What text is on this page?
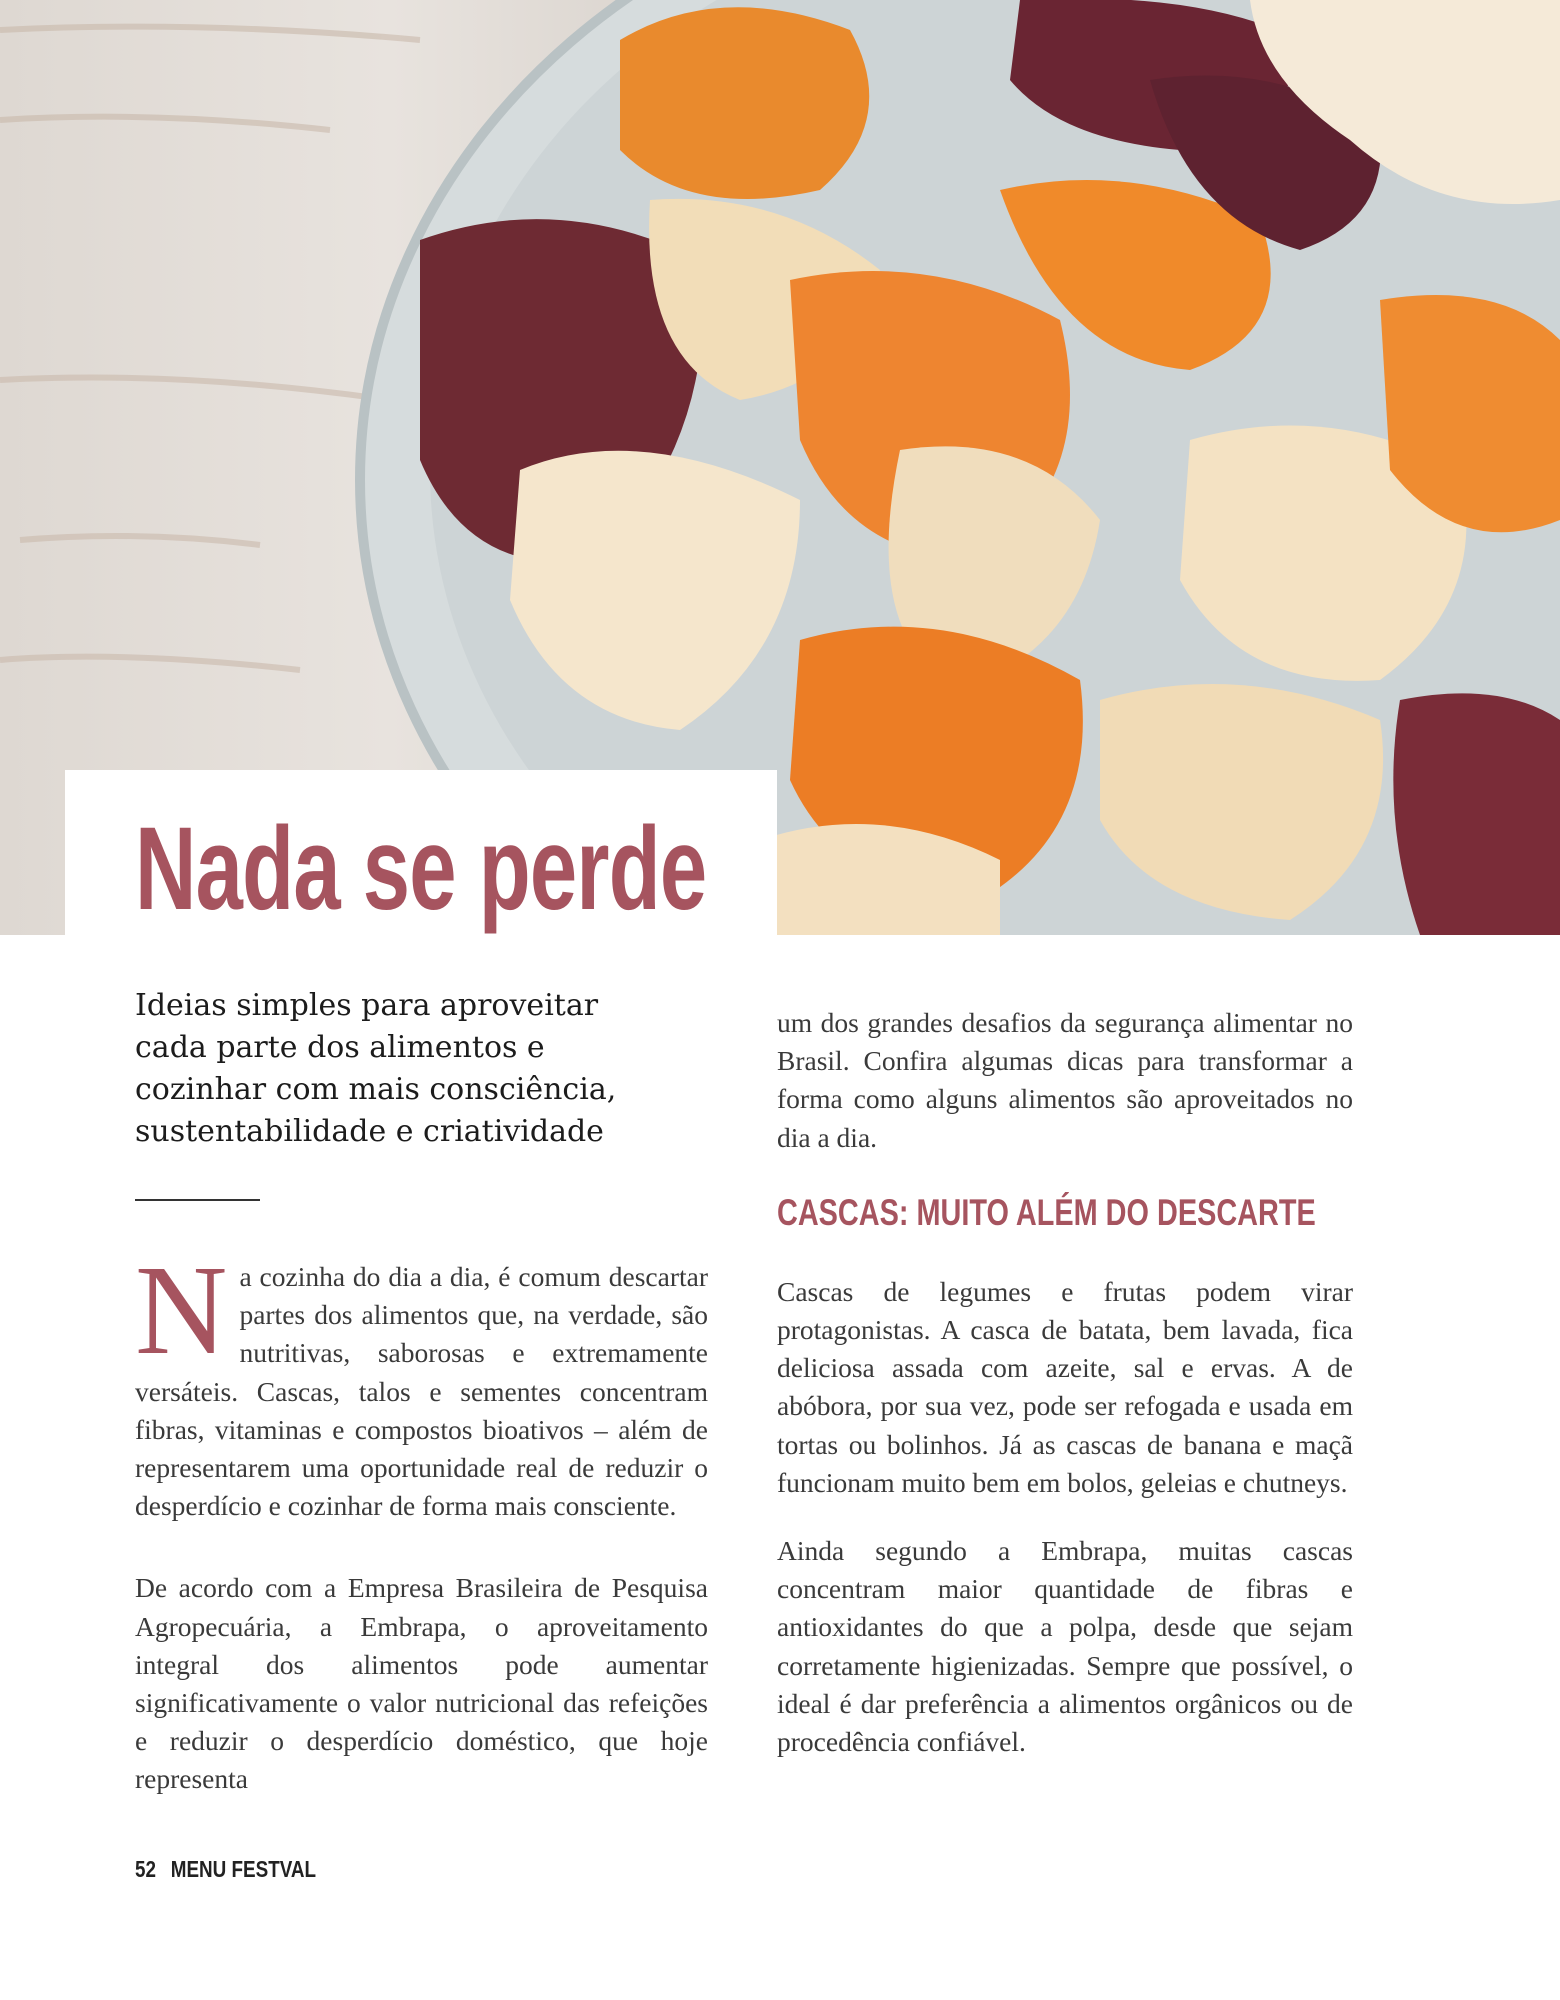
Nada se perde

Ideias simples para aproveitar cada parte dos alimentos e cozinhar com mais consciência, sustentabilidade e criatividade

Na cozinha do dia a dia, é comum descartar partes dos alimentos que, na verdade, são nutritivas, saborosas e extremamente versáteis. Cascas, talos e sementes concentram fibras, vitaminas e compostos bioativos – além de representarem uma oportunidade real de reduzir o desperdício e cozinhar de forma mais consciente.

De acordo com a Empresa Brasileira de Pesquisa Agropecuária, a Embrapa, o aproveitamento integral dos alimentos pode aumentar significativamente o valor nutricional das refeições e reduzir o desperdício doméstico, que hoje representa

um dos grandes desafios da segurança alimentar no Brasil. Confira algumas dicas para transformar a forma como alguns alimentos são aproveitados no dia a dia.

CASCAS: MUITO ALÉM DO DESCARTE

Cascas de legumes e frutas podem virar protagonistas. A casca de batata, bem lavada, fica deliciosa assada com azeite, sal e ervas. A de abóbora, por sua vez, pode ser refogada e usada em tortas ou bolinhos. Já as cascas de banana e maçã funcionam muito bem em bolos, geleias e chutneys.

Ainda segundo a Embrapa, muitas cascas concentram maior quantidade de fibras e antioxidantes do que a polpa, desde que sejam corretamente higienizadas. Sempre que possível, o ideal é dar preferência a alimentos orgânicos ou de procedência confiável.

52 MENU FESTVAL
